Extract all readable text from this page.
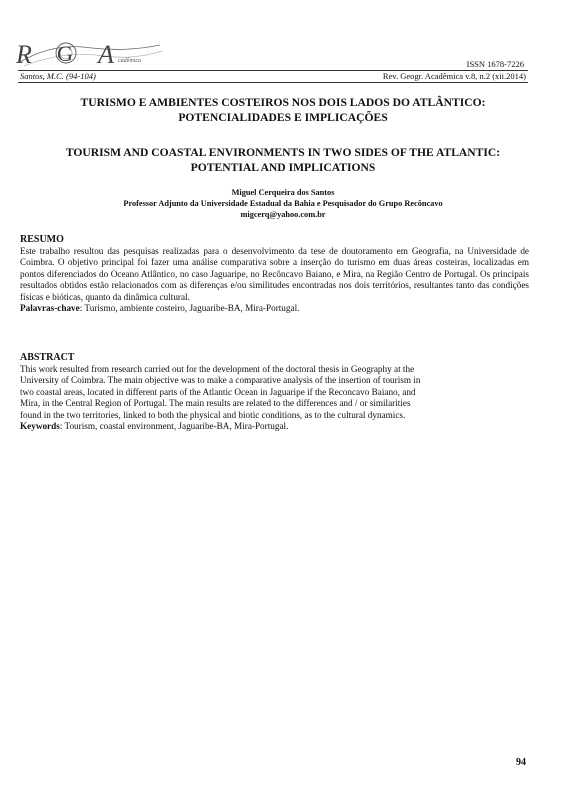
R G A cadêmica	ISSN 1678-7226
Santos, M.C. (94-104)	Rev. Geogr. Acadêmica v.8, n.2 (xii.2014)
TURISMO E AMBIENTES COSTEIROS NOS DOIS LADOS DO ATLÂNTICO:
POTENCIALIDADES E IMPLICAÇÕES
TOURISM AND COASTAL ENVIRONMENTS IN TWO SIDES OF THE ATLANTIC:
POTENTIAL AND IMPLICATIONS
Miguel Cerqueira dos Santos
Professor Adjunto da Universidade Estadual da Bahia e Pesquisador do Grupo Recôncavo
migcerq@yahoo.com.br
RESUMO

Este trabalho resultou das pesquisas realizadas para o desenvolvimento da tese de doutoramento em Geografia, na Universidade de Coimbra. O objetivo principal foi fazer uma análise comparativa sobre a inserção do turismo em duas áreas costeiras, localizadas em pontos diferenciados do Oceano Atlântico, no caso Jaguaripe, no Recôncavo Baiano, e Mira, na Região Centro de Portugal. Os principais resultados obtidos estão relacionados com as diferenças e/ou similitudes encontradas nos dois territórios, resultantes tanto das condições físicas e bióticas, quanto da dinâmica cultural.

Palavras-chave: Turismo, ambiente costeiro, Jaguaribe-BA, Mira-Portugal.

ABSTRACT
This work resulted from research carried out for the development of the doctoral thesis in Geography at the
University of Coimbra. The main objective was to make a comparative analysis of the insertion of tourism in
two coastal areas, located in different parts of the Atlantic Ocean in Jaguaripe if the Reconcavo Baiano, and
Mira, in the Central Region of Portugal. The main results are related to the differences and / or similarities
found in the two territories, linked to both the physical and biotic conditions, as to the cultural dynamics.

Keywords: Tourism, coastal environment, Jaguaribe-BA, Mira-Portugal.

94
